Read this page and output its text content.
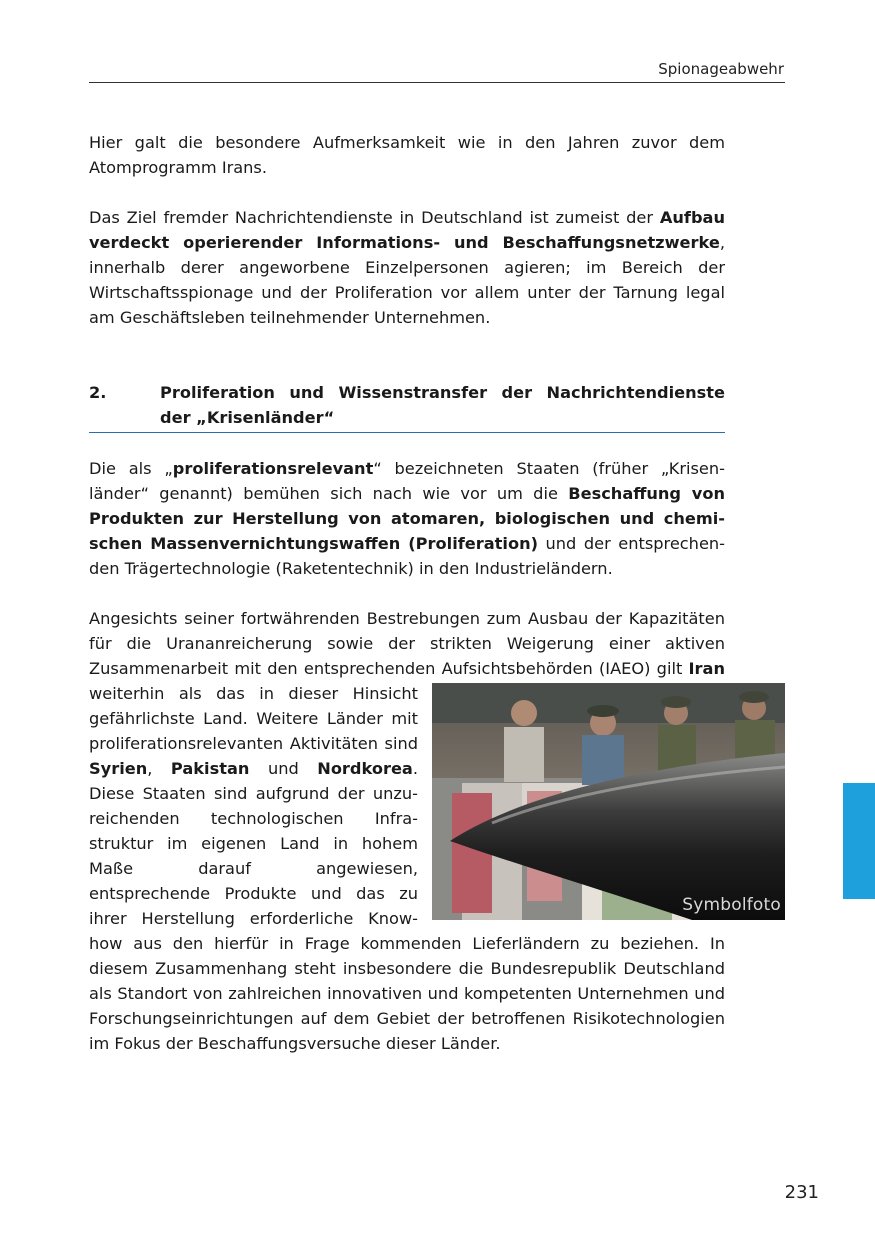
Spionageabwehr

Hier galt die besondere Aufmerksamkeit wie in den Jahren zuvor dem Atomprogramm Irans.

Das Ziel fremder Nachrichtendienste in Deutschland ist zumeist der Aufbau verdeckt operierender Informations- und Beschaffungsnetzwerke, innerhalb derer angeworbene Einzelpersonen agieren; im Bereich der Wirtschaftsspionage und der Proliferation vor allem unter der Tarnung legal am Geschäftsleben teilnehmender Unternehmen.

2.	Proliferation und Wissenstransfer der Nachrichtendienste der „Krisenländer“

Die als „proliferationsrelevant“ bezeichneten Staaten (früher „Krisenländer“ genannt) bemühen sich nach wie vor um die Beschaffung von Produkten zur Herstellung von atomaren, biologischen und chemischen Massenvernichtungswaffen (Proliferation) und der entsprechenden Trägertechnologie (Raketentechnik) in den Industrieländern.

Angesichts seiner fortwährenden Bestrebungen zum Ausbau der Kapazitäten für die Urananreicherung sowie der strikten Weigerung einer aktiven Zusammenarbeit mit den entsprechenden Aufsichtsbehörden (IAEO) gilt
Symbolfoto
Iran weiterhin als das in dieser Hinsicht gefährlichste Land. Weitere Länder mit proliferationsrelevanten Aktivitäten sind Syrien, Pakistan und Nordkorea. Diese Staaten sind aufgrund der unzureichenden technologischen Infrastruktur im eigenen Land in hohem Maße darauf angewiesen, entsprechende Produkte und das zu ihrer Herstellung erforderliche Know-how aus den hierfür in Frage kommenden Lieferländern zu beziehen. In diesem Zusammenhang steht insbesondere die Bundesrepublik Deutschland als Standort von zahlreichen innovativen und kompetenten Unternehmen und Forschungseinrichtungen auf dem Gebiet der betroffenen Risikotechnologien im Fokus der Beschaffungsversuche dieser Länder.

231
